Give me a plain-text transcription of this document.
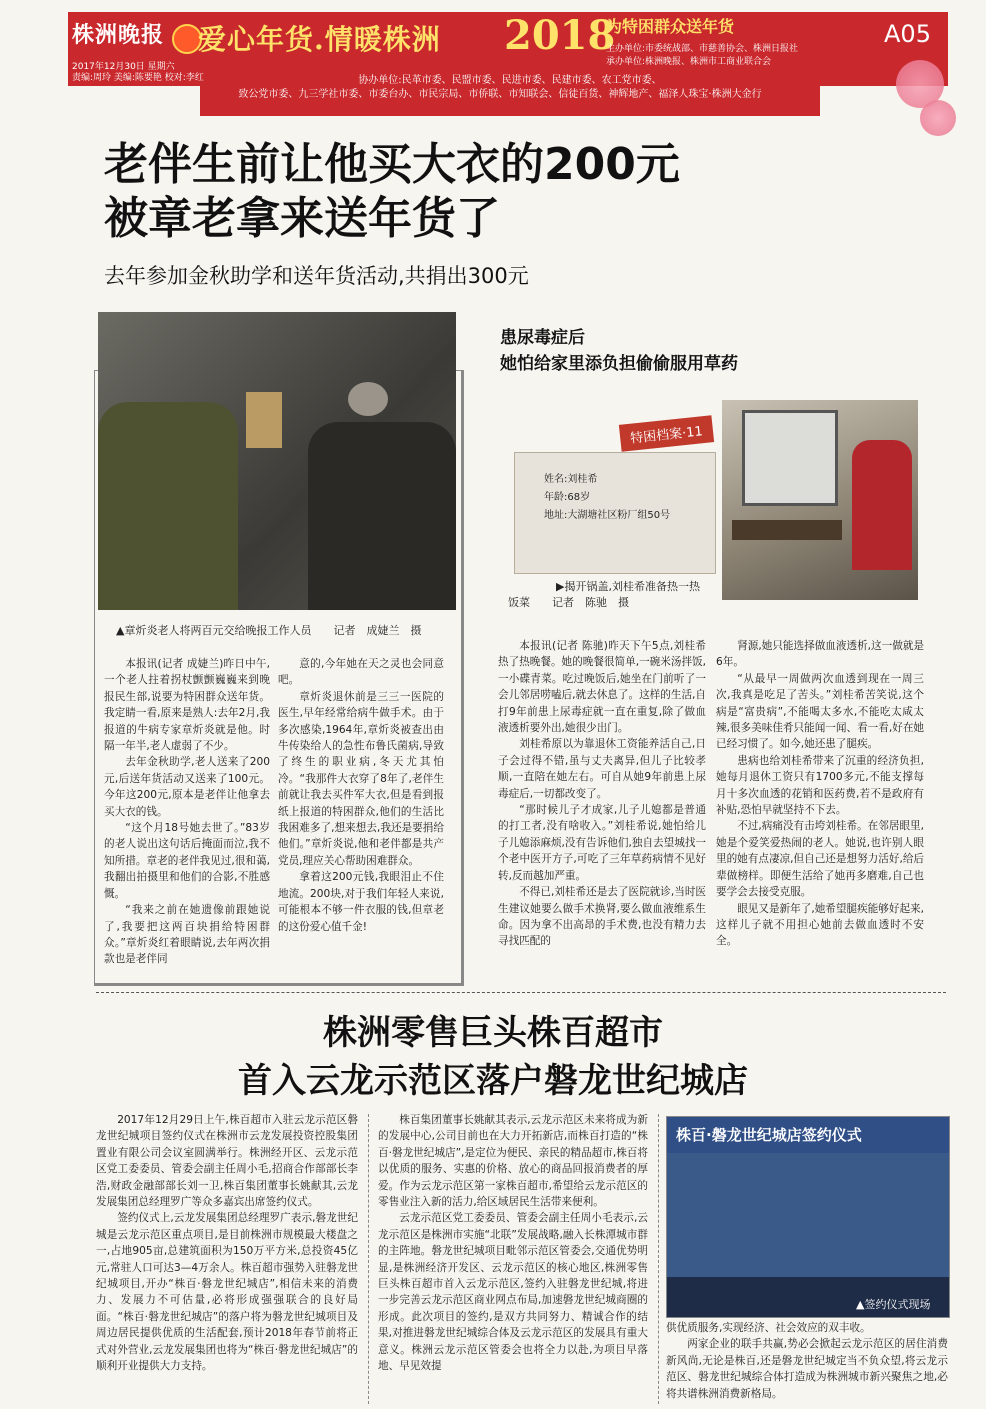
株洲晚报
2017年12月30日 星期六
责编:周玲 美编:陈要艳 校对:李红
爱心年货.情暖株洲 2018
为特困群众送年货	A05
主办单位:市委统战部、市慈善协会、株洲日报社
承办单位:株洲晚报、株洲市工商业联合会
协办单位:民革市委、民盟市委、民进市委、民建市委、农工党市委、
致公党市委、九三学社市委、市委台办、市民宗局、市侨联、市知联会、信徒百货、神辉地产、福泽人珠宝·株洲大金行
老伴生前让他买大衣的200元
被章老拿来送年货了
去年参加金秋助学和送年货活动,共捐出300元
▲章炘炎老人将两百元交给晚报工作人员　　记者　成婕兰　摄

本报讯(记者 成婕兰)昨日中午,一个老人拄着拐杖颤颤巍巍来到晚报民生部,说要为特困群众送年货。我定睛一看,原来是熟人:去年2月,我报道的牛病专家章炘炎就是他。时隔一年半,老人虚弱了不少。

去年金秋助学,老人送来了200元,后送年货活动又送来了100元。今年这200元,原本是老伴让他拿去买大衣的钱。

“这个月18号她去世了。”83岁的老人说出这句话后掩面而泣,我不知所措。章老的老伴我见过,很和蔼,我翻出拍摄里和他们的合影,不胜感慨。

“我来之前在她遗像前跟她说了,我要把这两百块捐给特困群众。”章炘炎红着眼睛说,去年两次捐款也是老伴同

意的,今年她在天之灵也会同意吧。

章炘炎退休前是三三一医院的医生,早年经常给病牛做手术。由于多次感染,1964年,章炘炎被查出由牛传染给人的急性布鲁氏菌病,导致了终生的职业病,冬天尤其怕冷。“我那件大衣穿了8年了,老伴生前就让我去买件军大衣,但是看到报纸上报道的特困群众,他们的生活比我困难多了,想来想去,我还是要捐给他们。”章炘炎说,他和老伴都是共产党员,理应关心帮助困难群众。

拿着这200元钱,我眼泪止不住地流。200块,对于我们年轻人来说,可能根本不够一件衣服的钱,但章老的这份爱心值千金!

患尿毒症后
她怕给家里添负担偷偷服用草药
特困档案·11
姓名:刘桂希
年龄:68岁
地址:大湖塘社区粉厂组50号
▶揭开锅盖,刘桂希准备热一热
饭菜　　记者　陈驰　摄

本报讯(记者 陈驰)昨天下午5点,刘桂希热了热晚餐。她的晚餐很简单,一碗米汤拌饭,一小碟青菜。吃过晚饭后,她坐在门前听了一会儿邻居唠嗑后,就去休息了。这样的生活,自打9年前患上尿毒症就一直在重复,除了做血液透析要外出,她很少出门。

刘桂希原以为靠退休工资能养活自己,日子会过得不错,虽与丈夫离异,但儿子比较孝顺,一直陪在她左右。可自从她9年前患上尿毒症后,一切都改变了。

“那时候儿子才成家,儿子儿媳都是普通的打工者,没有啥收入。”刘桂希说,她怕给儿子儿媳添麻烦,没有告诉他们,独自去望城找一个老中医开方子,可吃了三年草药病情不见好转,反而越加严重。

不得已,刘桂希还是去了医院就诊,当时医生建议她要么做手术换肾,要么做血液维系生命。因为拿不出高昂的手术费,也没有精力去寻找匹配的

肾源,她只能选择做血液透析,这一做就是6年。

“从最早一周做两次血透到现在一周三次,我真是吃足了苦头。”刘桂希苦笑说,这个病是“富贵病”,不能喝太多水,不能吃太咸太辣,很多美味佳肴只能闻一闻、看一看,好在她已经习惯了。如今,她还患了腿疾。

患病也给刘桂希带来了沉重的经济负担,她每月退休工资只有1700多元,不能支撑每月十多次血透的花销和医药费,若不是政府有补贴,恐怕早就坚持不下去。

不过,病痛没有击垮刘桂希。在邻居眼里,她是个爱笑爱热闹的老人。她说,也许别人眼里的她有点凄凉,但自己还是想努力活好,给后辈做榜样。即便生活给了她再多磨难,自己也要学会去接受克服。

眼见又是新年了,她希望腿疾能够好起来,这样儿子就不用担心她前去做血透时不安全。

株洲零售巨头株百超市
首入云龙示范区落户磐龙世纪城店

2017年12月29日上午,株百超市入驻云龙示范区磐龙世纪城项目签约仪式在株洲市云龙发展投资控股集团置业有限公司会议室圆满举行。株洲经开区、云龙示范区党工委委员、管委会副主任周小毛,招商合作部部长李浩,财政金融部部长刘一卫,株百集团董事长姚献其,云龙发展集团总经理罗广等众多嘉宾出席签约仪式。

签约仪式上,云龙发展集团总经理罗广表示,磐龙世纪城是云龙示范区重点项目,是目前株洲市规模最大楼盘之一,占地905亩,总建筑面积为150万平方米,总投资45亿元,常驻人口可达3—4万余人。株百超市强势入驻磐龙世纪城项目,开办“株百·磐龙世纪城店”,相信未来的消费力、发展力不可估量,必将形成强强联合的良好局面。“株百·磐龙世纪城店”的落户将为磐龙世纪城项目及周边居民提供优质的生活配套,预计2018年春节前将正式对外营业,云龙发展集团也将为“株百·磐龙世纪城店”的顺利开业提供大力支持。

株百集团董事长姚献其表示,云龙示范区未来将成为新的发展中心,公司目前也在大力开拓新店,而株百打造的“株百·磐龙世纪城店”,是定位为便民、亲民的精品超市,株百将以优质的服务、实惠的价格、放心的商品回报消费者的厚爱。作为云龙示范区第一家株百超市,希望给云龙示范区的零售业注入新的活力,给区域居民生活带来便利。

云龙示范区党工委委员、管委会副主任周小毛表示,云龙示范区是株洲市实施“北联”发展战略,融入长株潭城市群的主阵地。磐龙世纪城项目毗邻示范区管委会,交通优势明显,是株洲经济开发区、云龙示范区的核心地区,株洲零售巨头株百超市首入云龙示范区,签约入驻磐龙世纪城,将进一步完善云龙示范区商业网点布局,加速磐龙世纪城商圈的形成。此次项目的签约,是双方共同努力、精诚合作的结果,对推进磐龙世纪城综合体及云龙示范区的发展具有重大意义。株洲云龙示范区管委会也将全力以赴,为项目早落地、早见效提

株百·磐龙世纪城店签约仪式
▲签约仪式现场

供优质服务,实现经济、社会效应的双丰收。

两家企业的联手共赢,势必会掀起云龙示范区的居住消费新风尚,无论是株百,还是磐龙世纪城定当不负众望,将云龙示范区、磐龙世纪城综合体打造成为株洲城市新兴聚焦之地,必将共谱株洲消费新格局。
